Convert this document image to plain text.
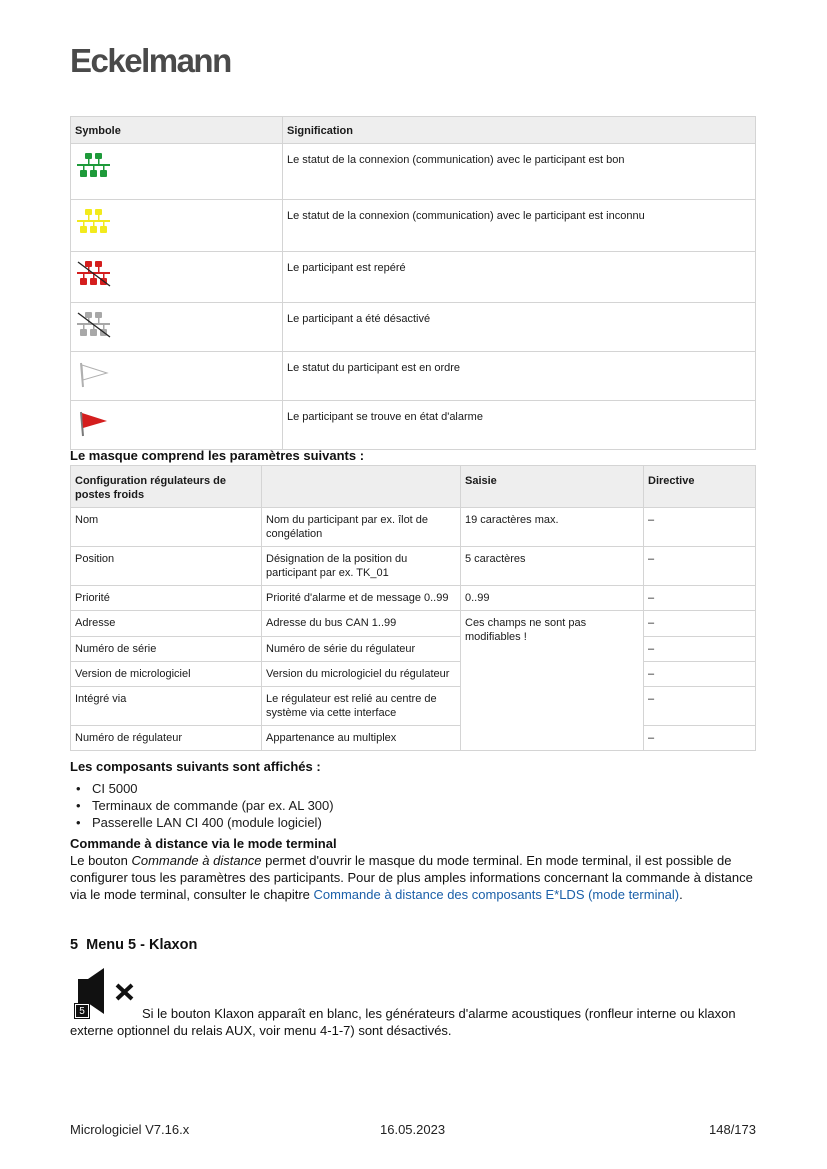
Eckelmann
Symbole	Signification
	Le statut de la connexion (communication) avec le participant est bon
	Le statut de la connexion (communication) avec le participant est inconnu
	Le participant est repéré
	Le participant a été désactivé
	Le statut du participant est en ordre
	Le participant se trouve en état d'alarme
Le masque comprend les paramètres suivants :
Configuration régulateurs de postes froids		Saisie	Directive
Nom	Nom du participant par ex. îlot de congélation	19 caractères max.	–
Position	Désignation de la position du participant par ex. TK_01	5 caractères	–
Priorité	Priorité d'alarme et de message 0..99	0..99	–
Adresse	Adresse du bus CAN 1..99	Ces champs ne sont pas modifiables !	–
Numéro de série	Numéro de série du régulateur		–
Version de micrologiciel	Version du micrologiciel du régulateur		–
Intégré via	Le régulateur est relié au centre de système via cette interface		–
Numéro de régulateur	Appartenance au multiplex		–
Les composants suivants sont affichés :
• CI 5000
• Terminaux de commande (par ex. AL 300)
• Passerelle LAN CI 400 (module logiciel)
Commande à distance via le mode terminal
Le bouton Commande à distance permet d'ouvrir le masque du mode terminal. En mode terminal, il est possible de configurer tous les paramètres des participants. Pour de plus amples informations concernant la commande à distance via le mode terminal, consulter le chapitre Commande à distance des composants E*LDS (mode terminal).
5 Menu 5 - Klaxon
5	Si le bouton Klaxon apparaît en blanc, les générateurs d'alarme acoustiques (ronfleur interne ou klaxon externe optionnel du relais AUX, voir menu 4-1-7) sont désactivés.
Micrologiciel V7.16.x	16.05.2023	148/173
